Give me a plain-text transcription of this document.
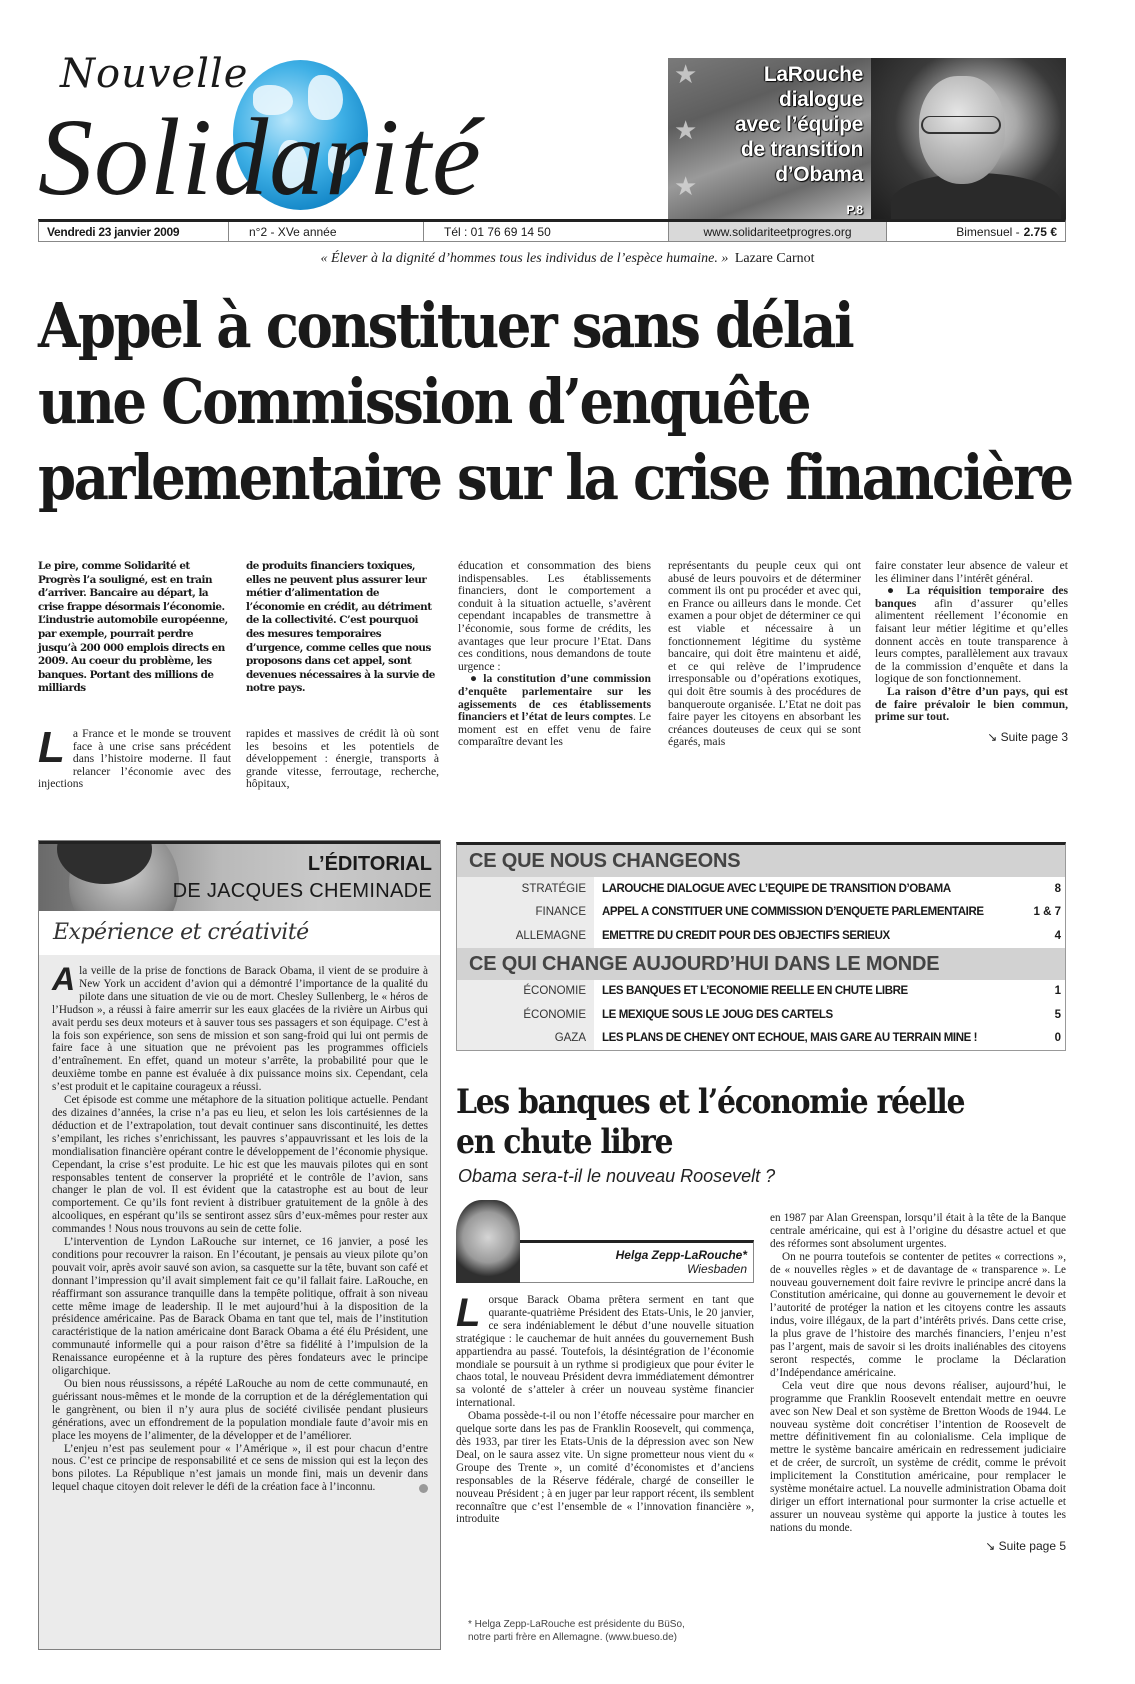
Nouvelle
Solidarité
★
★
★
LaRouche
dialogue
avec l’équipe
de transition
d’Obama
P.8
Vendredi 23 janvier 2009	n°2 - XVe année	Tél : 01 76 69 14 50	www.solidariteetprogres.org	Bimensuel - 2.75 €
« Élever à la dignité d’hommes tous les individus de l’espèce humaine. » Lazare Carnot
Appel à constituer sans délai
une Commission d’enquête
parlementaire sur la crise financière
Le pire, comme Solidarité et Progrès l’a souligné, est en train d’arriver. Bancaire au départ, la crise frappe désormais l’économie. L’industrie automobile européenne, par exemple, pourrait perdre jusqu’à 200 000 emplois directs en 2009. Au coeur du problème, les banques. Portant des millions de milliards
de produits financiers toxiques, elles ne peuvent plus assurer leur métier d’alimentation de l’économie en crédit, au détriment de la collectivité. C’est pourquoi des mesures temporaires d’urgence, comme celles que nous proposons dans cet appel, sont devenues nécessaires à la survie de notre pays.
L a France et le monde se trouvent face à une crise sans précédent dans l’histoire moderne. Il faut relancer l’économie avec des injections
rapides et massives de crédit là où sont les besoins et les potentiels de développement : énergie, transports à grande vitesse, ferroutage, recherche, hôpitaux,
éducation et consommation des biens indispensables. Les établissements financiers, dont le comportement a conduit à la situation actuelle, s’avèrent cependant incapables de transmettre à l’économie, sous forme de crédits, les avantages que leur procure l’Etat. Dans ces conditions, nous demandons de toute urgence :
● la constitution d’une commission d’enquête parlementaire sur les agissements de ces établissements financiers et l’état de leurs comptes. Le moment est en effet venu de faire comparaître devant les
représentants du peuple ceux qui ont abusé de leurs pouvoirs et de déterminer comment ils ont pu procéder et avec qui, en France ou ailleurs dans le monde. Cet examen a pour objet de déterminer ce qui est viable et nécessaire à un fonctionnement légitime du système bancaire, qui doit être maintenu et aidé, et ce qui relève de l’imprudence irresponsable ou d’opérations exotiques, qui doit être soumis à des procédures de banqueroute organisée. L’Etat ne doit pas faire payer les citoyens en absorbant les créances douteuses de ceux qui se sont égarés, mais
faire constater leur absence de valeur et les éliminer dans l’intérêt général.
● La réquisition temporaire des banques afin d’assurer qu’elles alimentent réellement l’économie en faisant leur métier légitime et qu’elles donnent accès en toute transparence à leurs comptes, parallèlement aux travaux de la commission d’enquête et dans la logique de son fonctionnement.
La raison d’être d’un pays, qui est de faire prévaloir le bien commun, prime sur tout.
↘ Suite page 3
L’ÉDITORIAL
DE JACQUES CHEMINADE
Expérience et créativité

Ala veille de la prise de fonctions de Barack Obama, il vient de se produire à New York un accident d’avion qui a démontré l’importance de la qualité du pilote dans une situation de vie ou de mort. Chesley Sullenberg, le « héros de l’Hudson », a réussi à faire amerrir sur les eaux glacées de la rivière un Airbus qui avait perdu ses deux moteurs et à sauver tous ses passagers et son équipage. C’est à la fois son expérience, son sens de mission et son sang-froid qui lui ont permis de faire face à une situation que ne prévoient pas les programmes officiels d’entraînement. En effet, quand un moteur s’arrête, la probabilité pour que le deuxième tombe en panne est évaluée à dix puissance moins six. Cependant, cela s’est produit et le capitaine courageux a réussi.

Cet épisode est comme une métaphore de la situation politique actuelle. Pendant des dizaines d’années, la crise n’a pas eu lieu, et selon les lois cartésiennes de la déduction et de l’extrapolation, tout devait continuer sans discontinuité, les dettes s’empilant, les riches s’enrichissant, les pauvres s’appauvrissant et les lois de la mondialisation financière opérant contre le développement de l’économie physique. Cependant, la crise s’est produite. Le hic est que les mauvais pilotes qui en sont responsables tentent de conserver la propriété et le contrôle de l’avion, sans changer le plan de vol. Il est évident que la catastrophe est au bout de leur comportement. Ce qu’ils font revient à distribuer gratuitement de la gnôle à des alcooliques, en espérant qu’ils se sentiront assez sûrs d’eux-mêmes pour rester aux commandes ! Nous nous trouvons au sein de cette folie.

L’intervention de Lyndon LaRouche sur internet, ce 16 janvier, a posé les conditions pour recouvrer la raison. En l’écoutant, je pensais au vieux pilote qu’on pouvait voir, après avoir sauvé son avion, sa casquette sur la tête, buvant son café et donnant l’impression qu’il avait simplement fait ce qu’il fallait faire. LaRouche, en réaffirmant son assurance tranquille dans la tempête politique, offrait à son niveau cette même image de leadership. Il le met aujourd’hui à la disposition de la présidence américaine. Pas de Barack Obama en tant que tel, mais de l’institution caractéristique de la nation américaine dont Barack Obama a été élu Président, une communauté informelle qui a pour raison d’être sa fidélité à l’impulsion de la Renaissance européenne et à la rupture des pères fondateurs avec le principe oligarchique.

Ou bien nous réussissons, a répété LaRouche au nom de cette communauté, en guérissant nous-mêmes et le monde de la corruption et de la déréglementation qui le gangrènent, ou bien il n’y aura plus de société civilisée pendant plusieurs générations, avec un effondrement de la population mondiale faute d’avoir mis en place les moyens de l’alimenter, de la développer et de l’améliorer.

L’enjeu n’est pas seulement pour « l’Amérique », il est pour chacun d’entre nous. C’est ce principe de responsabilité et ce sens de mission qui est la leçon des bons pilotes. La République n’est jamais un monde fini, mais un devenir dans lequel chaque citoyen doit relever le défi de la création face à l’inconnu.

CE QUE NOUS CHANGEONS
STRATÉGIE	LAROUCHE DIALOGUE AVEC L’ÉQUIPE DE TRANSITION D’OBAMA	8
FINANCE	APPEL À CONSTITUER UNE COMMISSION D’ENQUÊTE PARLEMENTAIRE	1 & 7
ALLEMAGNE	EMETTRE DU CRÉDIT POUR DES OBJECTIFS SÉRIEUX	4
CE QUI CHANGE AUJOURD’HUI DANS LE MONDE
ÉCONOMIE	LES BANQUES ET L’ÉCONOMIE RÉELLE EN CHUTE LIBRE	1
ÉCONOMIE	LE MEXIQUE SOUS LE JOUG DES CARTELS	5
GAZA	LES PLANS DE CHENEY ONT ÉCHOUÉ, MAIS GARE AU TERRAIN MINÉ !	0
Les banques et l’économie réelle
en chute libre
Obama sera-t-il le nouveau Roosevelt ?
Helga Zepp-LaRouche*
Wiesbaden

Lorsque Barack Obama prêtera serment en tant que quarante-quatrième Président des Etats-Unis, le 20 janvier, ce sera indéniablement le début d’une nouvelle situation stratégique : le cauchemar de huit années du gouvernement Bush appartiendra au passé. Toutefois, la désintégration de l’économie mondiale se poursuit à un rythme si prodigieux que pour éviter le chaos total, le nouveau Président devra immédiatement démontrer sa volonté de s’atteler à créer un nouveau système financier international.

Obama possède-t-il ou non l’étoffe nécessaire pour marcher en quelque sorte dans les pas de Franklin Roosevelt, qui commença, dès 1933, par tirer les Etats-Unis de la dépression avec son New Deal, on le saura assez vite. Un signe prometteur nous vient du « Groupe des Trente », un comité d’économistes et d’anciens responsables de la Réserve fédérale, chargé de conseiller le nouveau Président ; à en juger par leur rapport récent, ils semblent reconnaître que c’est l’ensemble de « l’innovation financière », introduite

* Helga Zepp-LaRouche est présidente du BüSo,
notre parti frère en Allemagne. (www.bueso.de)

en 1987 par Alan Greenspan, lorsqu’il était à la tête de la Banque centrale américaine, qui est à l’origine du désastre actuel et que des réformes sont absolument urgentes.

On ne pourra toutefois se contenter de petites « corrections », de « nouvelles règles » et de davantage de « transparence ». Le nouveau gouvernement doit faire revivre le principe ancré dans la Constitution américaine, qui donne au gouvernement le devoir et l’autorité de protéger la nation et les citoyens contre les assauts indus, voire illégaux, de la part d’intérêts privés. Dans cette crise, la plus grave de l’histoire des marchés financiers, l’enjeu n’est pas l’argent, mais de savoir si les droits inaliénables des citoyens seront respectés, comme le proclame la Déclaration d’Indépendance américaine.

Cela veut dire que nous devons réaliser, aujourd’hui, le programme que Franklin Roosevelt entendait mettre en oeuvre avec son New Deal et son système de Bretton Woods de 1944. Le nouveau système doit concrétiser l’intention de Roosevelt de mettre définitivement fin au colonialisme. Cela implique de mettre le système bancaire américain en redressement judiciaire et de créer, de surcroît, un système de crédit, comme le prévoit implicitement la Constitution américaine, pour remplacer le système monétaire actuel. La nouvelle administration Obama doit diriger un effort international pour surmonter la crise actuelle et assurer un nouveau système qui apporte la justice à toutes les nations du monde.

↘ Suite page 5
